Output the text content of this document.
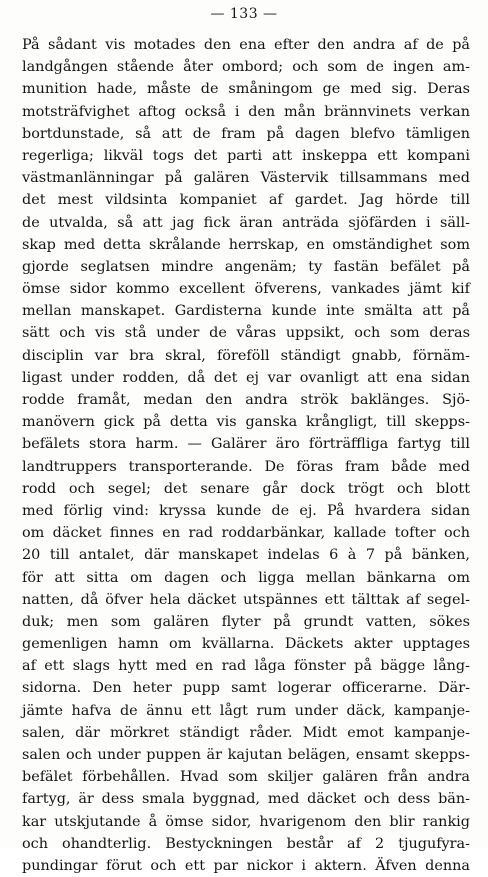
— 133 —
På sådant vis motades den ena efter den andra af de på
landgången stående åter ombord; och som de ingen am-
munition hade, måste de småningom ge med sig. Deras
motsträfvighet aftog också i den mån brännvinets verkan
bortdunstade, så att de fram på dagen blefvo tämligen
regerliga; likväl togs det parti att inskeppa ett kompani
västmanlänningar på galären Västervik tillsammans med
det mest vildsinta kompaniet af gardet. Jag hörde till
de utvalda, så att jag fick äran anträda sjöfärden i säll-
skap med detta skrålande herrskap, en omständighet som
gjorde seglatsen mindre angenäm; ty fastän befälet på
ömse sidor kommo excellent öfverens, vankades jämt kif
mellan manskapet. Gardisterna kunde inte smälta att på
sätt och vis stå under de våras uppsikt, och som deras
disciplin var bra skral, föreföll ständigt gnabb, förnäm-
ligast under rodden, då det ej var ovanligt att ena sidan
rodde framåt, medan den andra strök baklänges. Sjö-
manövern gick på detta vis ganska krångligt, till skepps-
befälets stora harm. — Galärer äro förträffliga fartyg till
landtruppers transporterande. De föras fram både med
rodd och segel; det senare går dock trögt och blott
med förlig vind: kryssa kunde de ej. På hvardera sidan
om däcket finnes en rad roddarbänkar, kallade tofter och
20 till antalet, där manskapet indelas 6 à 7 på bänken,
för att sitta om dagen och ligga mellan bänkarna om
natten, då öfver hela däcket utspännes ett tälttak af segel-
duk; men som galären flyter på grundt vatten, sökes
gemenligen hamn om kvällarna. Däckets akter upptages
af ett slags hytt med en rad låga fönster på bägge lång-
sidorna. Den heter pupp samt logerar officerarne. Där-
jämte hafva de ännu ett lågt rum under däck, kampanje-
salen, där mörkret ständigt råder. Midt emot kampanje-
salen och under puppen är kajutan belägen, ensamt skepps-
befälet förbehållen. Hvad som skiljer galären från andra
fartyg, är dess smala byggnad, med däcket och dess bän-
kar utskjutande å ömse sidor, hvarigenom den blir rankig
och ohandterlig. Bestyckningen består af 2 tjugufyra-
pundingar förut och ett par nickor i aktern. Äfven denna
